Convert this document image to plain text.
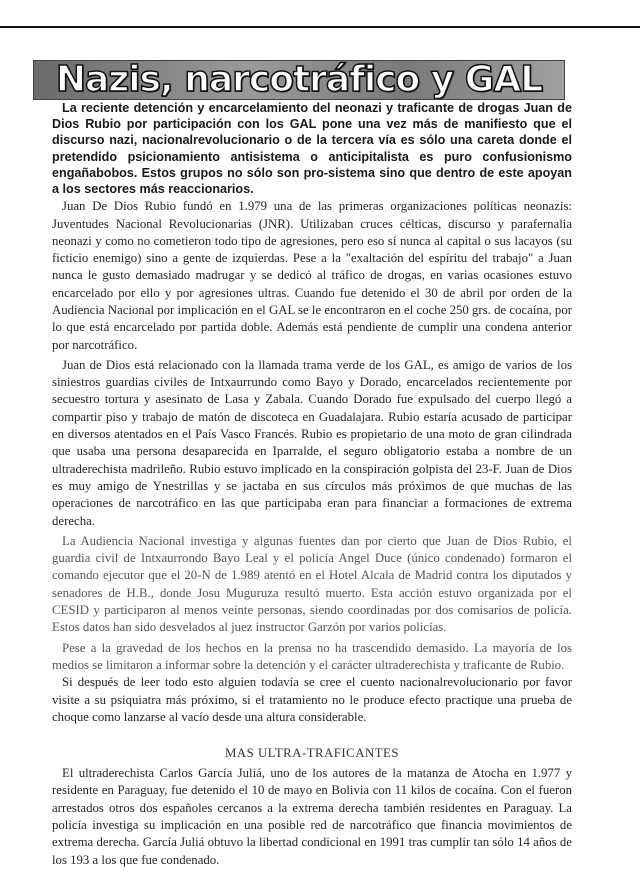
Nazis, narcotráfico y GAL

La reciente detención y encarcelamiento del neonazi y traficante de drogas Juan de Dios Rubio por participación con los GAL pone una vez más de manifiesto que el discurso nazi, nacionalrevolucionario o de la tercera vía es sólo una careta donde el pretendido psicionamiento antisistema o anticipitalista es puro confusionismo engañabobos. Estos grupos no sólo son pro-sistema sino que dentro de este apoyan a los sectores más reaccionarios.

Juan De Dios Rubio fundó en 1.979 una de las primeras organizaciones políticas neonazis: Juventudes Nacional Revolucionarias (JNR). Utilizaban cruces célticas, discurso y parafernalia neonazi y como no cometieron todo tipo de agresiones, pero eso sí nunca al capital o sus lacayos (su ficticio enemigo) sino a gente de izquierdas. Pese a la "exaltación del espíritu del trabajo" a Juan nunca le gusto demasiado madrugar y se dedicó al tráfico de drogas, en varias ocasiones estuvo encarcelado por ello y por agresiones ultras. Cuando fue detenido el 30 de abril por orden de la Audiencia Nacional por implicación en el GAL se le encontraron en el coche 250 grs. de cocaína, por lo que está encarcelado por partida doble. Además está pendiente de cumplir una condena anterior por narcotráfico.

Juan de Dios está relacionado con la llamada trama verde de los GAL, es amigo de varios de los siniestros guardias civiles de Intxaurrundo como Bayo y Dorado, encarcelados recientemente por secuestro tortura y asesinato de Lasa y Zabala. Cuando Dorado fue expulsado del cuerpo llegó a compartir piso y trabajo de matón de discoteca en Guadalajara. Rubio estaría acusado de participar en diversos atentados en el País Vasco Francés. Rubio es propietario de una moto de gran cilindrada que usaba una persona desaparecida en Iparralde, el seguro obligatorio estaba a nombre de un ultraderechista madrileño. Rubio estuvo implicado en la conspiración golpista del 23-F. Juan de Dios es muy amigo de Ynestrillas y se jactaba en sus círculos más próximos de que muchas de las operaciones de narcotráfico en las que participaba eran para financiar a formaciones de extrema derecha.

La Audiencia Nacional investiga y algunas fuentes dan por cierto que Juan de Dios Rubio, el guardia civil de Intxaurrondo Bayo Leal y el policía Angel Duce (único condenado) formaron el comando ejecutor que el 20-N de 1.989 atentó en el Hotel Alcala de Madrid contra los diputados y senadores de H.B., donde Josu Muguruza resultó muerto. Esta acción estuvo organizada por el CESID y participaron al menos veinte personas, siendo coordinadas por dos comisarios de policía. Estos datos han sido desvelados al juez instructor Garzón por varios policías.

Pese a la gravedad de los hechos en la prensa no ha trascendido demasido. La mayoría de los medios se limitaron a informar sobre la detención y el carácter ultraderechista y traficante de Rubio.

Si después de leer todo esto alguien todavía se cree el cuento nacionalrevolucionario por favor visite a su psiquiatra más próximo, si el tratamiento no le produce efecto practique una prueba de choque como lanzarse al vacío desde una altura considerable.

MAS ULTRA-TRAFICANTES

El ultraderechista Carlos García Juliá, uno de los autores de la matanza de Atocha en 1.977 y residente en Paraguay, fue detenido el 10 de mayo en Bolivia con 11 kilos de cocaína. Con el fueron arrestados otros dos españoles cercanos a la extrema derecha también residentes en Paraguay. La policía investiga su implicación en una posible red de narcotráfico que financia movimientos de extrema derecha. García Juliá obtuvo la libertad condicional en 1991 tras cumplir tan sólo 14 años de los 193 a los que fue condenado.
